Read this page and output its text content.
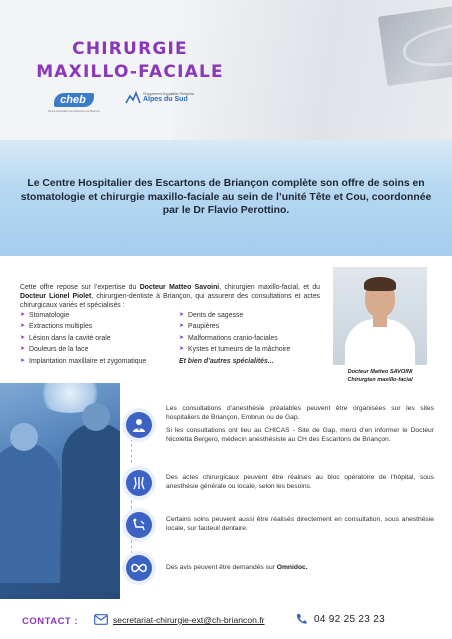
CHIRURGIE
MAXILLO-FACIALE
cheb
Centre Hospitalier des Escartons de Briançon
Groupement Hospitalier Territorial
Alpes du Sud

Le Centre Hospitalier des Escartons de Briançon complète son offre de soins en stomatologie et chirurgie maxillo-faciale au sein de l’unité Tête et Cou, coordonnée par le Dr Flavio Perottino.

Cette offre repose sur l’expertise du Docteur Matteo Savoini, chirurgien maxillo-facial, et du Docteur Lionel Piolet, chirurgien-dentiste à Briançon, qui assurent des consultations et actes chirurgicaux variés et spécialisés :
➤ Stomatologie
➤ Extractions multiples
➤ Lésion dans la cavité orale
➤ Douleurs de la face
➤ Implantation maxillaire et zygomatique
➤ Dents de sagesse
➤ Paupières
➤ Malformations cranio-faciales
➤ Kystes et tumeurs de la mâchoire
Et bien d’autres spécialités...
Docteur Matteo SAVOINI
Chirurgien maxillo-facial

Les consultations d’anesthésie préalables peuvent être organisées sur les sites hospitaliers de Briançon, Embrun ou de Gap.

Si les consultations ont lieu au CHICAS - Site de Gap, merci d’en informer le Docteur Nicoletta Bergero, médecin anesthésiste au CH des Escartons de Briançon.

Des actes chirurgicaux peuvent être réalisés au bloc opératoire de l’hôpital, sous anesthésie générale ou locale, selon les besoins.

Certains soins peuvent aussi être réalisés directement en consultation, sous anesthésie locale, sur fauteuil dentaire.

Des avis peuvent être demandés sur Omnidoc.

CONTACT :	secretariat-chirurgie-ext@ch-briancon.fr	04 92 25 23 23
